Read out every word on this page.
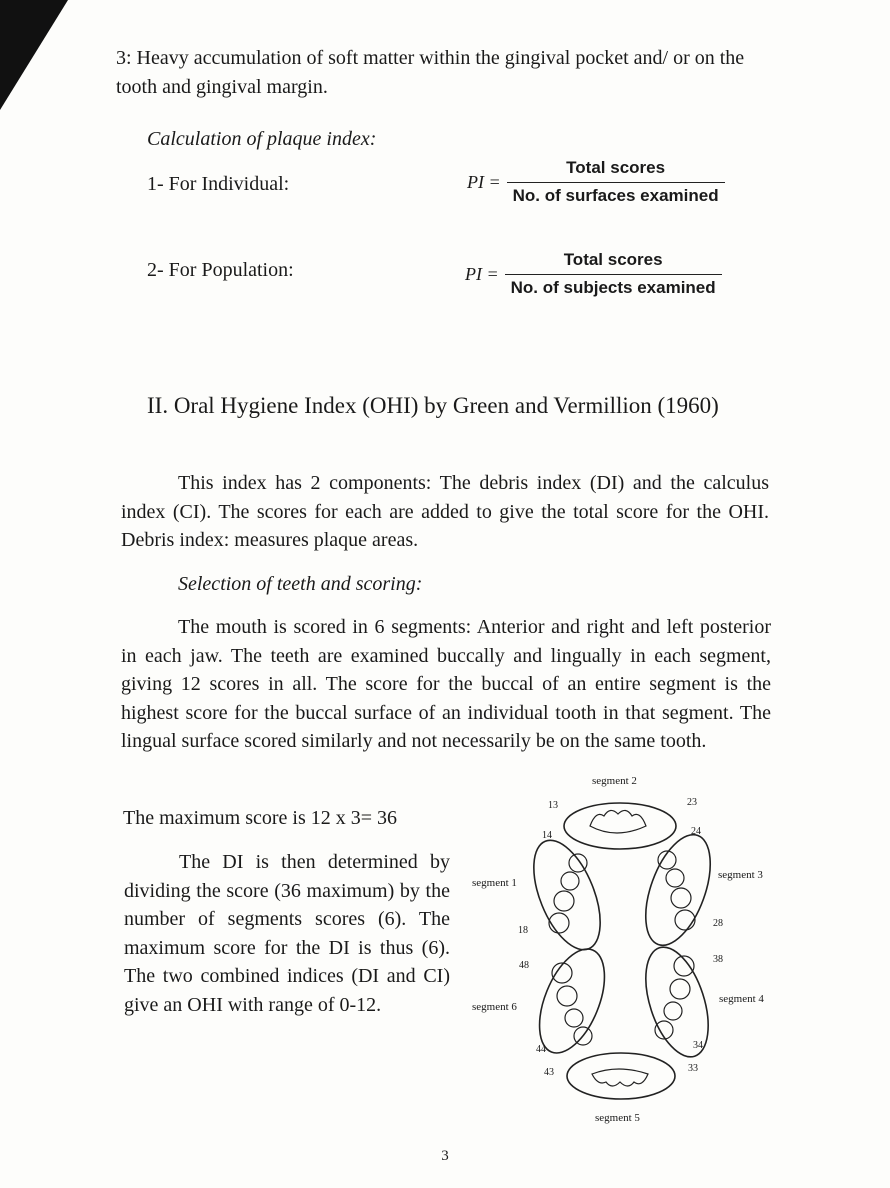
3: Heavy accumulation of soft matter within the gingival pocket and/ or on the tooth and gingival margin.

Calculation of plaque index:

1- For Individual:	PI = $\frac{\text{Total scores}}{\text{No. of surfaces examined}}$

2- For Population:	PI = $\frac{\text{Total scores}}{\text{No. of subjects examined}}$

II. Oral Hygiene Index (OHI) by Green and Vermillion (1960)

This index has 2 components: The debris index (DI) and the calculus index (CI). The scores for each are added to give the total score for the OHI. Debris index: measures plaque areas.

Selection of teeth and scoring:

The mouth is scored in 6 segments: Anterior and right and left posterior in each jaw. The teeth are examined buccally and lingually in each segment, giving 12 scores in all. The score for the buccal of an entire segment is the highest score for the buccal surface of an individual tooth in that segment. The lingual surface scored similarly and not necessarily be on the same tooth.

The maximum score is 12 x 3= 36

The DI is then determined by dividing the score (36 maximum) by the number of segments scores (6). The maximum score for the DI is thus (6). The two combined indices (DI and CI) give an OHI with range of 0-12.

segment 2
segment 1
segment 3
segment 4
segment 6
segment 5
13
14
18
23
24
28
38
48
44
43
34
33
3
